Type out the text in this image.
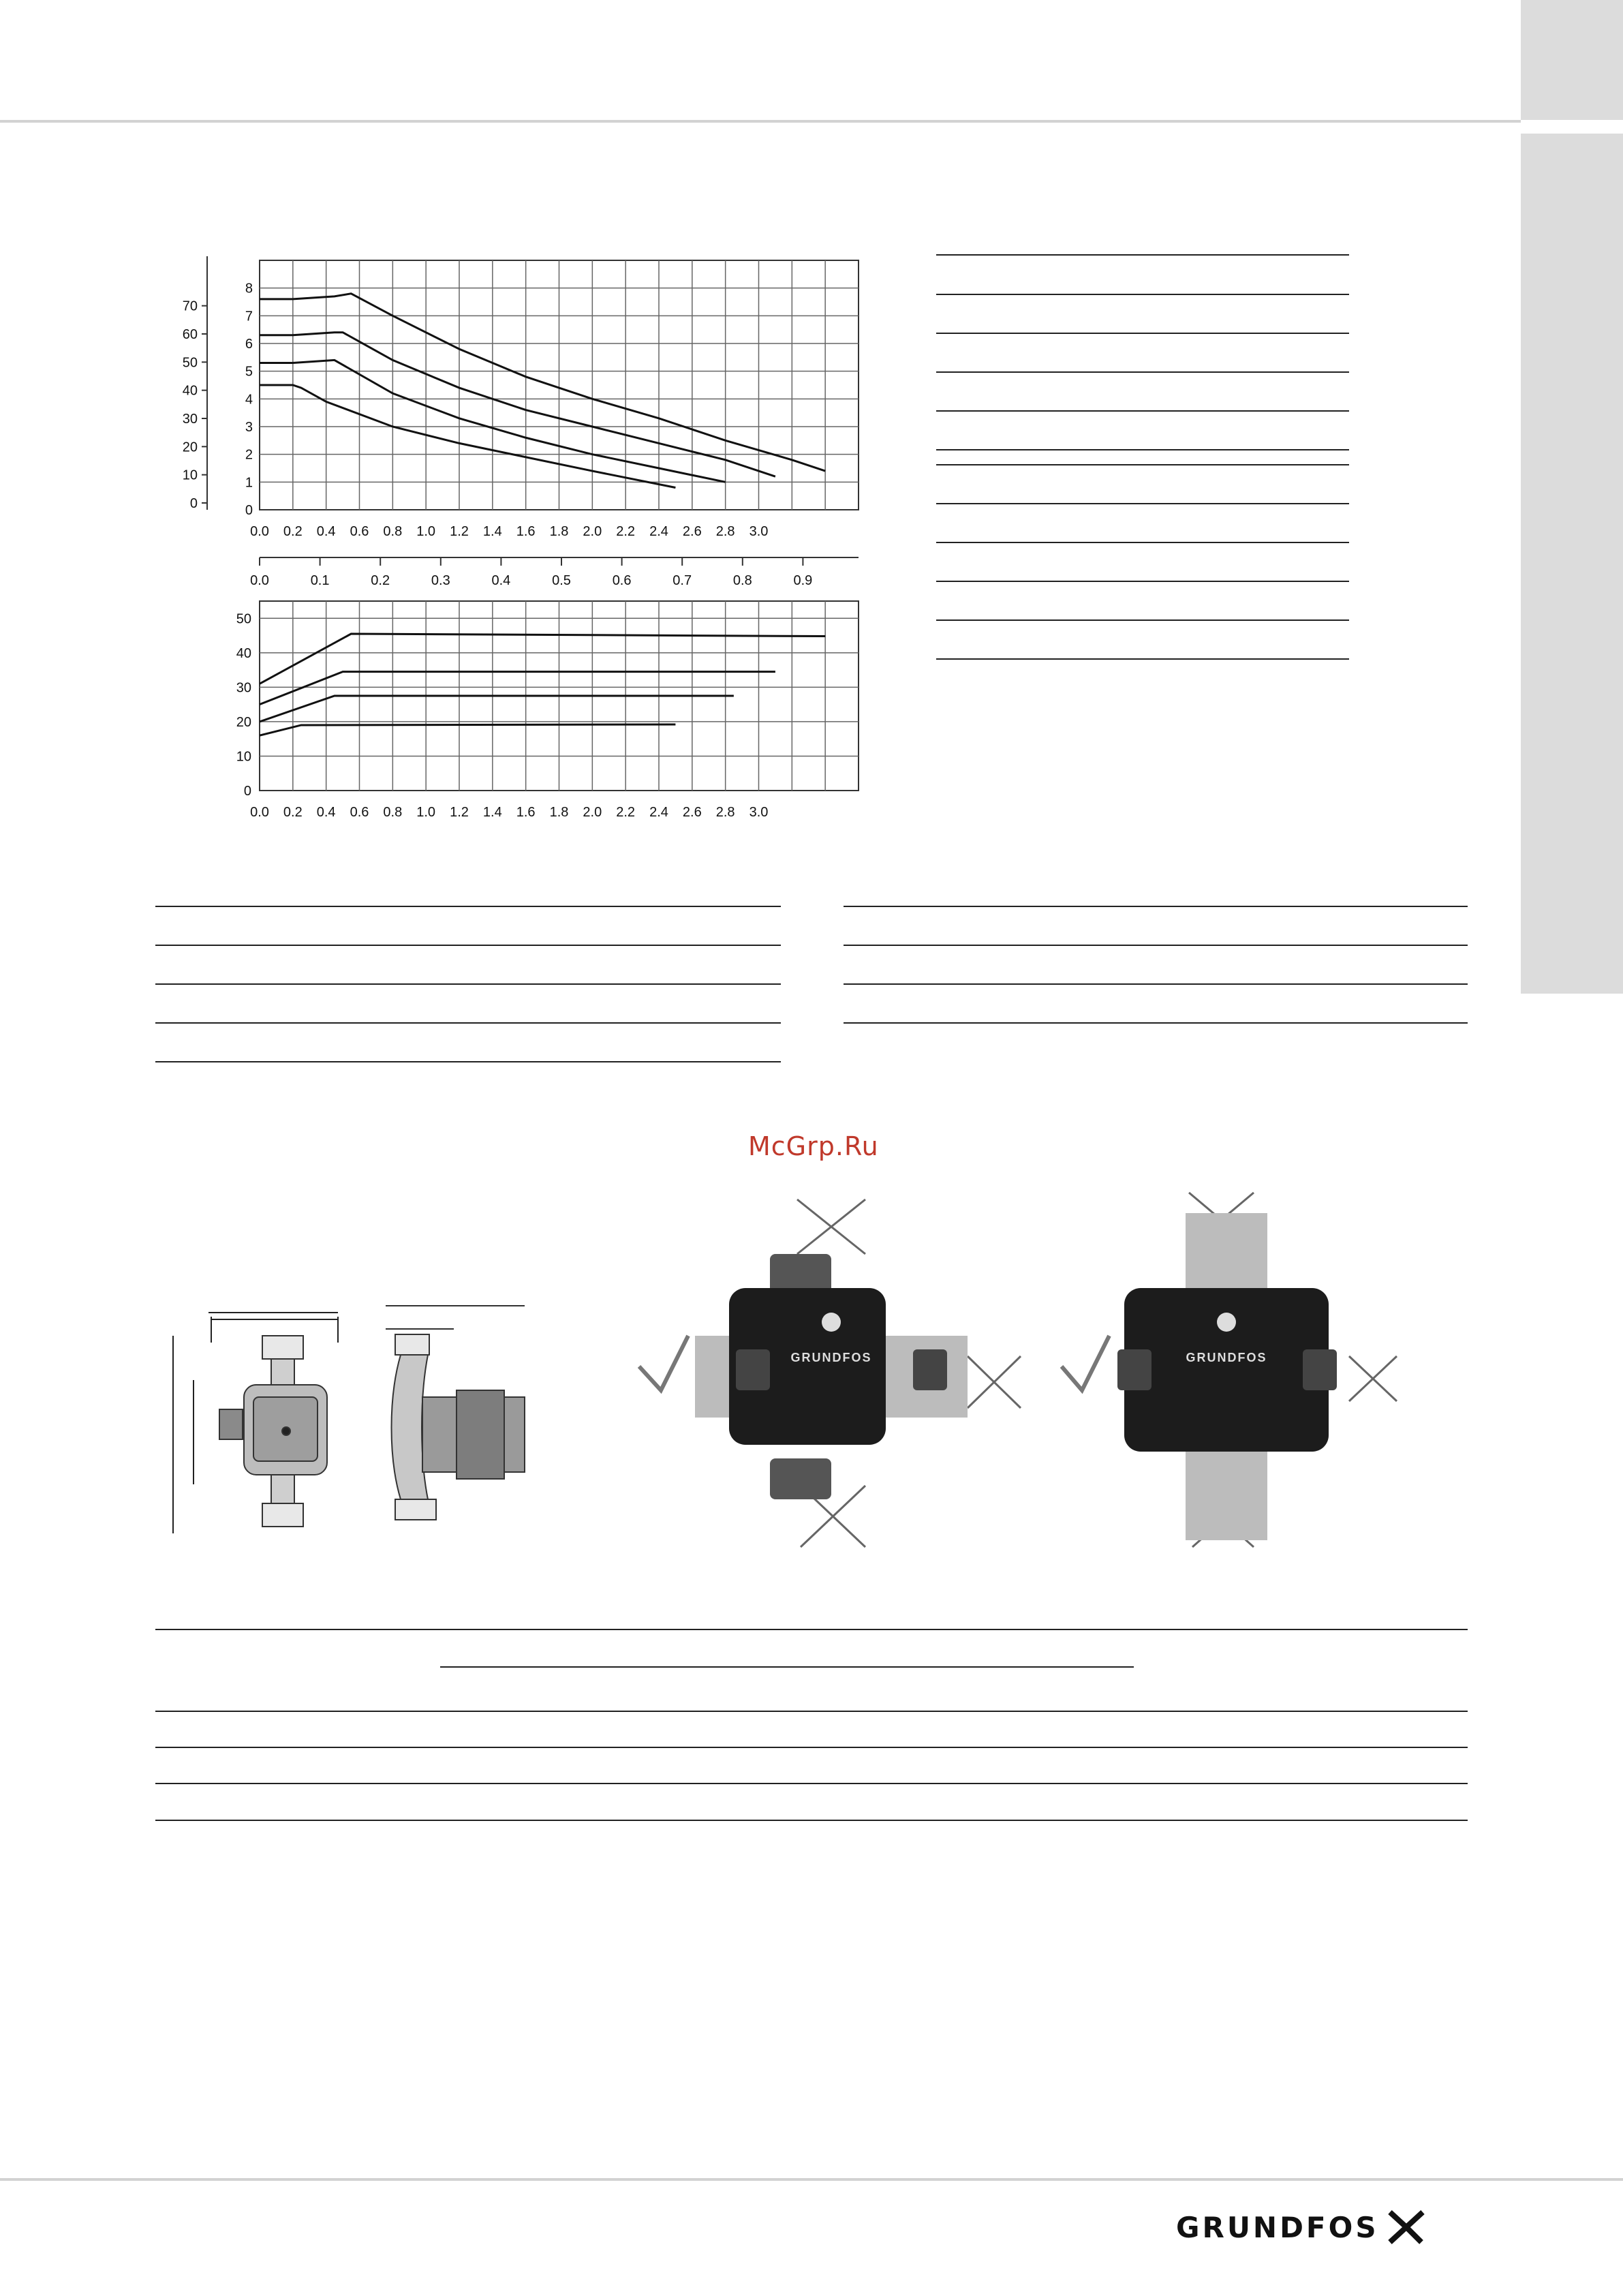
0
10
20
30
40
50
60
70
0
1
2
3
4
5
6
7
8
0.0 0.2 0.4 0.6 0.8 1.0 1.2 1.4 1.6 1.8 2.0 2.2 2.4 2.6 2.8 3.0
0.0	0.1	0.2	0.3	0.4	0.5	0.6	0.7	0.8	0.9
0
10
20
30
40
50
0.0 0.2 0.4 0.6 0.8 1.0 1.2 1.4 1.6 1.8 2.0 2.2 2.4 2.6 2.8 3.0
McGrp.Ru
GRUNDFOS	GRUNDFOS
GRUNDFOS
